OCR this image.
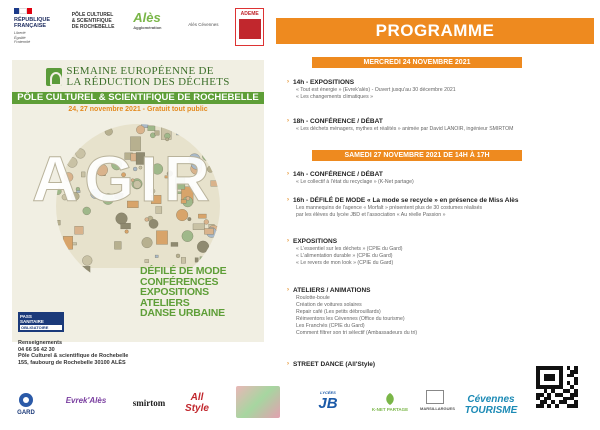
RÉPUBLIQUE
FRANÇAISE
Liberté
Égalité
Fraternité
PÔLE CULTUREL
& SCIENTIFIQUE
DE ROCHEBELLE
Alès
Agglomération
Alès Cévennes
ADEME
SEMAINE EUROPÉENNE DE
LA RÉDUCTION DES DÉCHETS
PÔLE CULTUREL & SCIENTIFIQUE DE ROCHEBELLE
24, 27 novembre 2021 - Gratuit tout public
AGIR
DÉFILÉ DE MODE
CONFÉRENCES
EXPOSITIONS
ATELIERS
DANSE URBAINE
PASS
SANITAIRE
OBLIGATOIRE
Renseignements
04 66 56 42 30
Pôle Culturel & scientifique de Rochebelle
155, faubourg de Rochebelle 30100 ALÈS
PROGRAMME
MERCREDI 24 NOVEMBRE 2021
› 14h - EXPOSITIONS
« Tout est énergie » (Evrek'alès) - Ouvert jusqu'au 30 décembre 2021
« Les changements climatiques »
› 18h - CONFÉRENCE / DÉBAT
« Les déchets ménagers, mythes et réalités » animée par David LANOIR, ingénieur SMIRTOM
SAMEDI 27 NOVEMBRE 2021 DE 14H À 17H
› 14h - CONFÉRENCE / DÉBAT
« Le collectif à l'état du recyclage » (K-Net partage)
› 16h - DÉFILÉ DE MODE « La mode se recycle » en présence de Miss Alès
Les mannequins de l'agence « Morfalt » présentent plus de 30 costumes réalisés
par les élèves du lycée JBD et l'association « Au réelle Passion »
› EXPOSITIONS
« L'essentiel sur les déchets » (CPIE du Gard)
« L'alimentation durable » (CPIE du Gard)
« Le revers de mon look » (CPIE du Gard)
› ATELIERS / ANIMATIONS
Roulotte-boule
Création de voitures solaires
Repair café (Les petits débrouillards)
Réinventons les Cévennes (Office du tourisme)
Les Franchés (CPIE du Gard)
Comment filtrer son tri sélectif (Ambassadeurs du tri)
› STREET DANCE (All'Style)
GARD
Evrek'Alès	smirtom	All Style
LYCÉES
JB	K-NET PARTAGE	MARSILLARGUES
Cévennes TOURISME
